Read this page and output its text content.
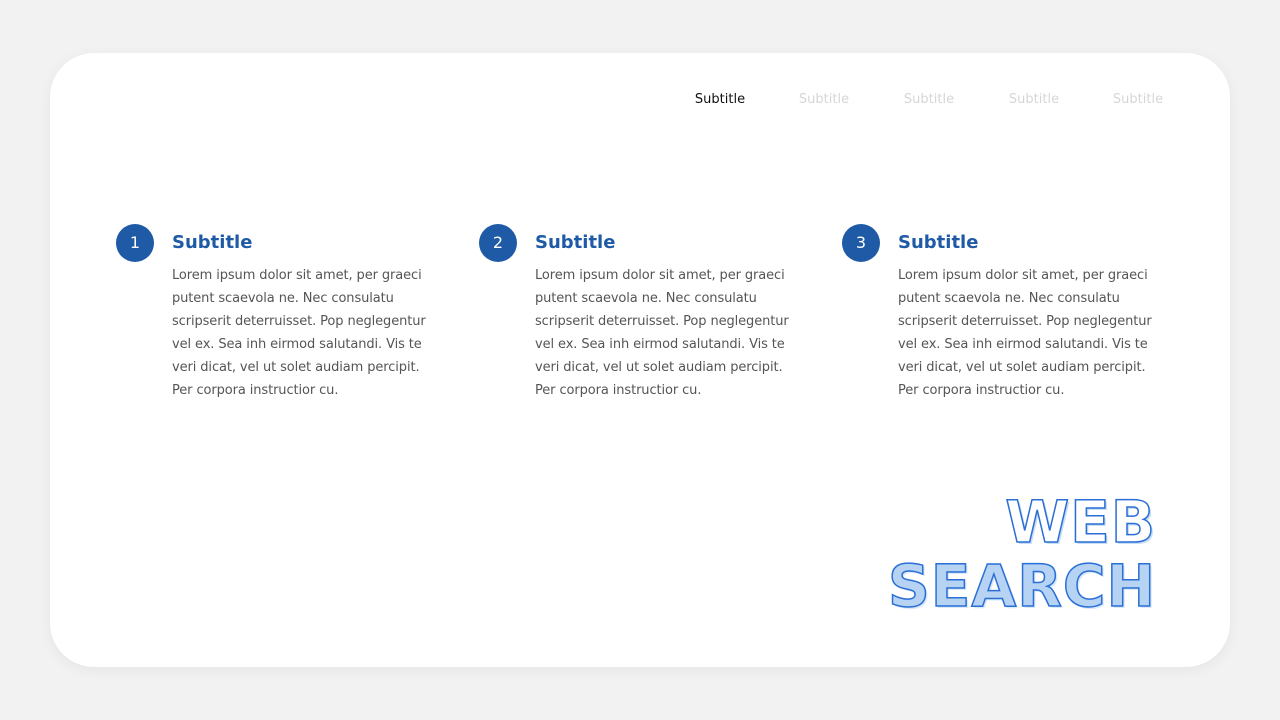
Subtitle	Subtitle	Subtitle	Subtitle	Subtitle
1	Subtitle
Lorem ipsum dolor sit amet, per graeci putent scaevola ne. Nec consulatu scripserit deterruisset. Pop neglegentur vel ex. Sea inh eirmod salutandi. Vis te veri dicat, vel ut solet audiam percipit. Per corpora instructior cu.
2	Subtitle
Lorem ipsum dolor sit amet, per graeci putent scaevola ne. Nec consulatu scripserit deterruisset. Pop neglegentur vel ex. Sea inh eirmod salutandi. Vis te veri dicat, vel ut solet audiam percipit. Per corpora instructior cu.
3	Subtitle
Lorem ipsum dolor sit amet, per graeci putent scaevola ne. Nec consulatu scripserit deterruisset. Pop neglegentur vel ex. Sea inh eirmod salutandi. Vis te veri dicat, vel ut solet audiam percipit. Per corpora instructior cu.
WEB
SEARCH
